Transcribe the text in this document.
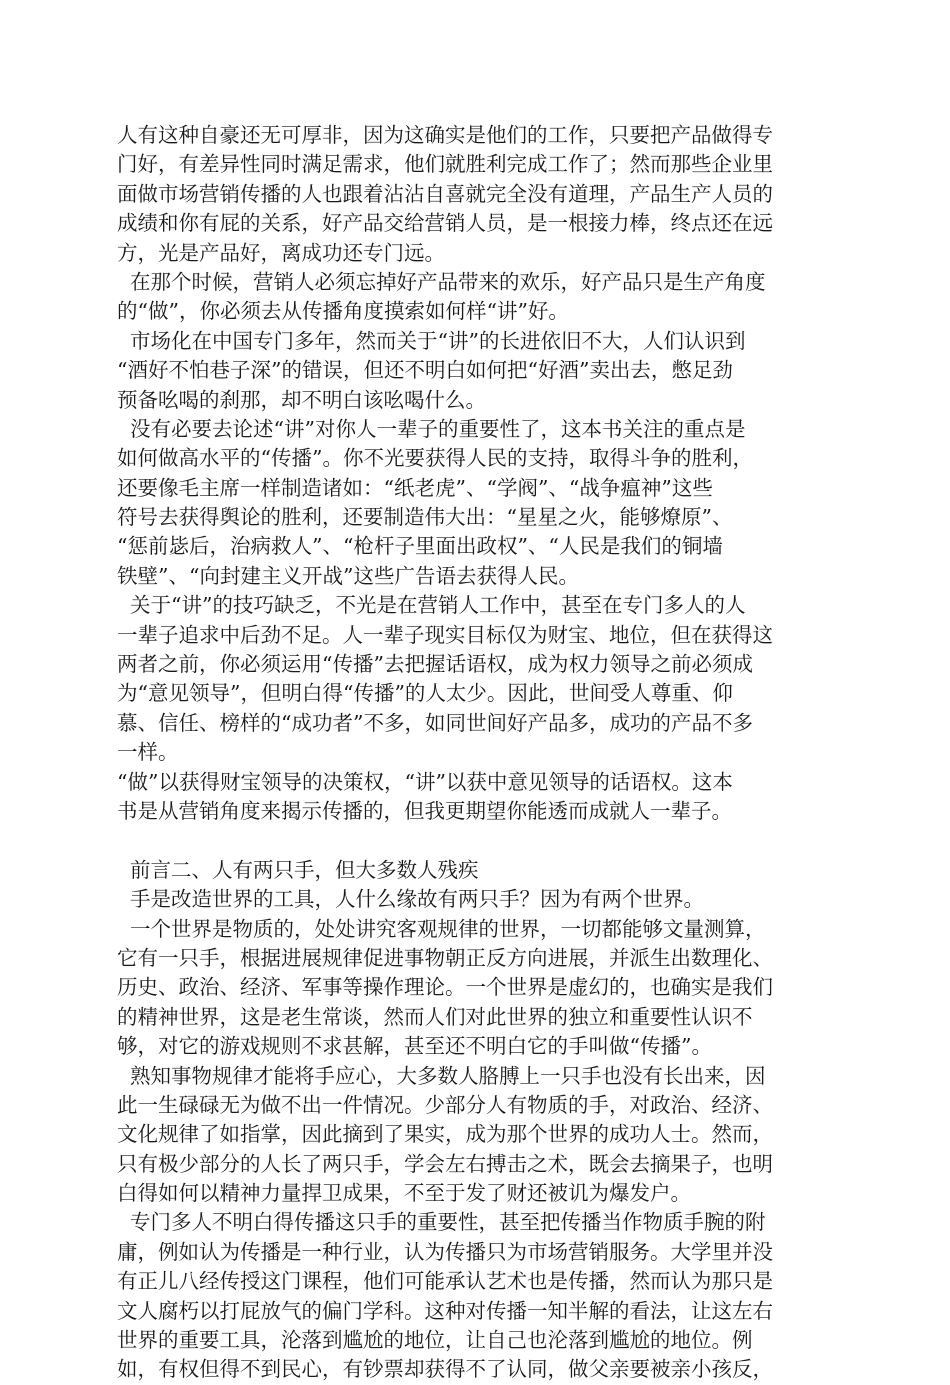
人有这种自豪还无可厚非，因为这确实是他们的工作，只要把产品做得专
门好，有差异性同时满足需求，他们就胜利完成工作了；然而那些企业里
面做市场营销传播的人也跟着沾沾自喜就完全没有道理，产品生产人员的
成绩和你有屁的关系，好产品交给营销人员，是一根接力棒，终点还在远
方，光是产品好，离成功还专门远。
在那个时候，营销人必须忘掉好产品带来的欢乐，好产品只是生产角度
的“做”，你必须去从传播角度摸索如何样“讲”好。
市场化在中国专门多年，然而关于“讲”的长进依旧不大，人们认识到
“酒好不怕巷子深”的错误，但还不明白如何把“好酒”卖出去，憋足劲
预备吆喝的刹那，却不明白该吆喝什么。
没有必要去论述“讲”对你人一辈子的重要性了，这本书关注的重点是
如何做高水平的“传播”。你不光要获得人民的支持，取得斗争的胜利，
还要像毛主席一样制造诸如：“纸老虎”、“学阀”、“战争瘟神”这些
符号去获得舆论的胜利，还要制造伟大出：“星星之火，能够燎原”、
“惩前毖后，治病救人”、“枪杆子里面出政权”、“人民是我们的铜墙
铁壁”、“向封建主义开战”这些广告语去获得人民。
关于“讲”的技巧缺乏，不光是在营销人工作中，甚至在专门多人的人
一辈子追求中后劲不足。人一辈子现实目标仅为财宝、地位，但在获得这
两者之前，你必须运用“传播”去把握话语权，成为权力领导之前必须成
为“意见领导”，但明白得“传播”的人太少。因此，世间受人尊重、仰
慕、信任、榜样的“成功者”不多，如同世间好产品多，成功的产品不多
一样。
“做”以获得财宝领导的决策权，“讲”以获中意见领导的话语权。这本
书是从营销角度来揭示传播的，但我更期望你能透而成就人一辈子。
前言二、人有两只手，但大多数人残疾
手是改造世界的工具，人什么缘故有两只手？因为有两个世界。
一个世界是物质的，处处讲究客观规律的世界，一切都能够文量测算，
它有一只手，根据进展规律促进事物朝正反方向进展，并派生出数理化、
历史、政治、经济、军事等操作理论。一个世界是虚幻的，也确实是我们
的精神世界，这是老生常谈，然而人们对此世界的独立和重要性认识不
够，对它的游戏规则不求甚解，甚至还不明白它的手叫做“传播”。
熟知事物规律才能将手应心，大多数人胳膊上一只手也没有长出来，因
此一生碌碌无为做不出一件情况。少部分人有物质的手，对政治、经济、
文化规律了如指掌，因此摘到了果实，成为那个世界的成功人士。然而，
只有极少部分的人长了两只手，学会左右搏击之术，既会去摘果子，也明
白得如何以精神力量捍卫成果，不至于发了财还被讥为爆发户。
专门多人不明白得传播这只手的重要性，甚至把传播当作物质手腕的附
庸，例如认为传播是一种行业，认为传播只为市场营销服务。大学里并没
有正儿八经传授这门课程，他们可能承认艺术也是传播，然而认为那只是
文人腐朽以打屁放气的偏门学科。这种对传播一知半解的看法，让这左右
世界的重要工具，沦落到尴尬的地位，让自己也沦落到尴尬的地位。例
如，有权但得不到民心，有钞票却获得不了认同，做父亲要被亲小孩反，
